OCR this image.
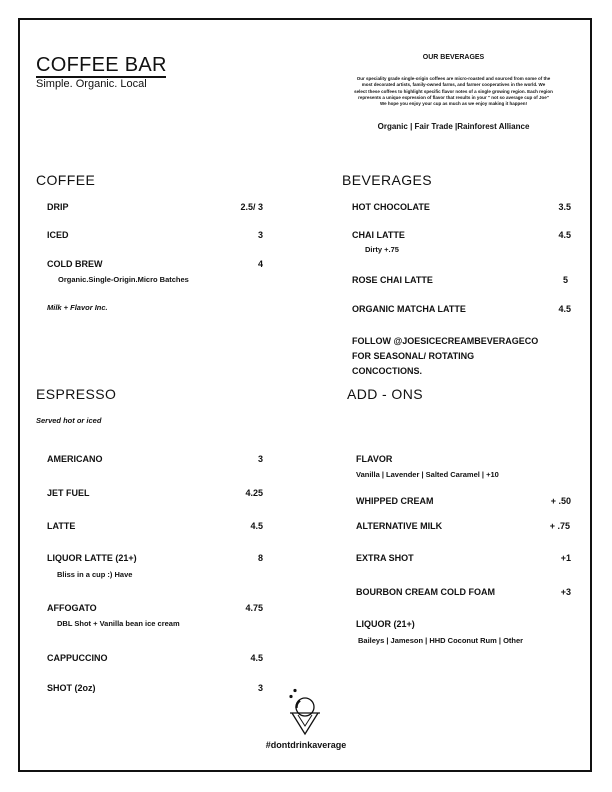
COFFEE BAR
Simple. Organic. Local
OUR BEVERAGES
Our speciality grade single-origin coffees are micro-roasted and sourced from some of the
most decorated artists, family-owned farms, and farmer cooperatives in the world. We
select these coffees to highlight specific flavor notes of a single growing region. Each region
represents a unique expression of flavor that results in your " not so average cup of Joe"
We hope you enjoy your cup as much as we enjoy making it happen!
Organic | Fair Trade |Rainforest Alliance
COFFEE
DRIP	2.5/ 3
ICED	3
COLD BREW	4
Organic.Single-Origin.Micro Batches
Milk + Flavor Inc.
BEVERAGES
HOT CHOCOLATE	3.5
CHAI LATTE	4.5
Dirty +.75
ROSE CHAI LATTE	5
ORGANIC MATCHA LATTE	4.5
FOLLOW @JOESICECREAMBEVERAGECO
FOR SEASONAL/ ROTATING
CONCOCTIONS.
ESPRESSO
Served hot or iced
AMERICANO	3
JET FUEL	4.25
LATTE	4.5
LIQUOR LATTE (21+)	8
Bliss in a cup :) Have
AFFOGATO	4.75
DBL Shot + Vanilla bean ice cream
CAPPUCCINO	4.5
SHOT (2oz)	3
ADD - ONS
FLAVOR
Vanilla | Lavender | Salted Caramel | +10
WHIPPED CREAM	+ .50
ALTERNATIVE MILK	+ .75
EXTRA SHOT	+1
BOURBON CREAM COLD FOAM	+3
LIQUOR (21+)
Baileys | Jameson | HHD Coconut Rum | Other
#dontdrinkaverage
